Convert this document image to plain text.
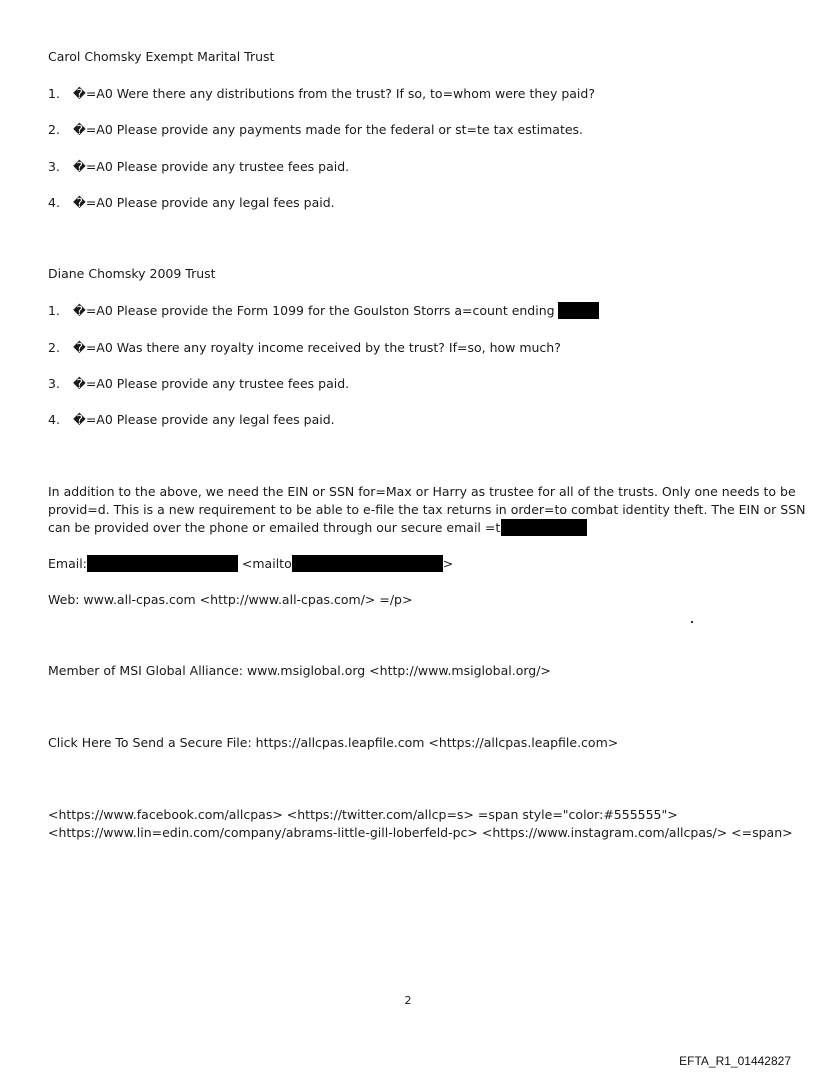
Carol Chomsky Exempt Marital Trust
1. �=A0 Were there any distributions from the trust? If so, to=whom were they paid?
2. �=A0 Please provide any payments made for the federal or st=te tax estimates.
3. �=A0 Please provide any trustee fees paid.
4. �=A0 Please provide any legal fees paid.
Diane Chomsky 2009 Trust
1. �=A0 Please provide the Form 1099 for the Goulston Storrs a=count ending
2. �=A0 Was there any royalty income received by the trust? If=so, how much?
3. �=A0 Please provide any trustee fees paid.
4. �=A0 Please provide any legal fees paid.
In addition to the above, we need the EIN or SSN for=Max or Harry as trustee for all of the trusts. Only one needs to be
provid=d. This is a new requirement to be able to e-file the tax returns in order=to combat identity theft. The EIN or SSN
can be provided over the phone or emailed through our secure email =t
Email:	<mailto	>
Web: www.all-cpas.com <http://www.all-cpas.com/> =/p>
Member of MSI Global Alliance: www.msiglobal.org <http://www.msiglobal.org/>
Click Here To Send a Secure File: https://allcpas.leapfile.com <https://allcpas.leapfile.com>
<https://www.facebook.com/allcpas> <https://twitter.com/allcp=s> =span style="color:#555555">
<https://www.lin=edin.com/company/abrams-little-gill-loberfeld-pc> <https://www.instagram.com/allcpas/> <=span>
2
EFTA_R1_01442827
